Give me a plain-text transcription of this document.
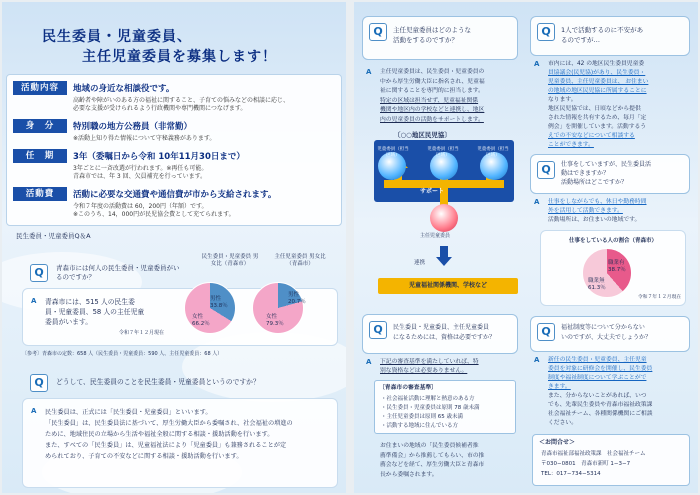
民生委員・児童委員、
主任児童委員を募集します！
活動内容	地域の身近な相談役です。
高齢者や障がいのある方の福祉に関すること、子育ての悩みなどの相談に応じ、
必要な支援が受けられるよう行政機関や専門機関につなげます。
身　分	特別職の地方公務員（非常勤）
※活動上知り得た情報について守秘義務があります。
任　期	3年（委嘱日から令和 10年11月30日まで）
3年ごとに一斉改選が行われます。※再任も可能。
青森市では、年 3 回、欠員補充を行っています。
活動費	活動に必要な交通費や通信費が市から支給されます。
令和７年度の活動費は 60，200円（年額）です。
※このうち、14，000円が民児協会費として充てられます。
民生委員・児童委員Q＆A
Q	青森市には何人の民生委員・児童委員がいるのですか？
民生委員・児童委員 男女比（青森市）
主任児童委員 男女比（青森市）
A 青森市には、515 人の民生委
員・児童委員、58 人の主任児童
委員がいます。
令和７年１２月現在
男性
33.8％
女性
66.2％
男性
20.7％
女性
79.3％
〔参考〕青森市の定数：658 人（民生委員・児童委員：590 人、主任児童委員：68 人）
Q	どうして、民生委員のことを民生委員・児童委員というのですか？
A 民生委員は、正式には「民生委員・児童委員」といいます。
「民生委員」は、民生委員法に基づいて、厚生労働大臣から委嘱され、社会福祉の増進の
ために、地域住民の立場から生活や福祉全般に関する相談・援助活動を行います。
また、すべての「民生委員」は、児童福祉法により「児童委員」も兼務されることが定
められており、子育ての不安などに関する相談・援助活動を行います。
Q	主任児童委員はどのような
活動をするのですか？
A 主任児童委員は、民生委員・児童委員の
中から厚生労働大臣に指名され、児童福
祉に関することを専門的に担当します。
特定の区域は担当せず、児童福祉関係
機関や地区内の学校などと連携し、地区
内の児童委員の活動をサポートします。
〔○○地区民児協〕
児童委員（担当区域）
児童委員（担当区域）
児童委員（担当区域）
サポート
主任児童委員
連携
児童福祉関係機関、学校など
Q	1人で活動するのに不安があ
るのですが…
A 市内には、42 の地区民生委員児童委
員協議会(民児協)があり、民生委員・
児童委員、主任児童委員は、 お住まい
の地域の地区民児協に所属することに
なります。
地区民児協では、日頃などから提供
された情報を共有するため、毎月「定
例会」を開催しています。活動するう
えでの不安などについて相談する
ことができます。
Q	仕事をしていますが、民生委員活
動はできますか？
活動場所はどこですか？
A 仕事をしながらでも、休日や勤務時間
外を活用して活動できます。
活動場所は、お住まいの地域です。
仕事をしている人の割合（青森市）
職業有
38.7％
職業無
61.3％
令和７年１２月現在
Q	民生委員・児童委員、主任児童委員
になるためには、資格は必要ですか？
A 下記の審査基準を満たしていれば、特
別な資格などは必要ありません。
〔青森市の審査基準〕
・社会福祉活動に理解と熱意のある方
・民生委員・児童委員は原則 78 歳未満
・主任児童委員は原則 65 歳未満
・活動する地域に住んでいる方
お住まいの地域の「民生委員候補者推
薦準備会」から推薦してもらい、市の推
薦会などを経て、厚生労働大臣と青森市
長から委嘱されます。
Q	福祉制度等について分からない
いのですが、大丈夫でしょうか？
A 新任の民生委員・児童委員、主任児童
委員を対象に研修会を開催し、民生委員
制度や福祉制度について学ぶことがで
きます。
また、分からないことがあれば、いつ
でも、先輩民生委員や青森市福祉政策課
社会福祉チーム、各種関係機関にご相談
ください。
＜お問合せ＞
青森市福祉部福祉政策課　社会福祉チーム
〒030−0801　青森市新町 1−3−7
TEL：017−734−5314
